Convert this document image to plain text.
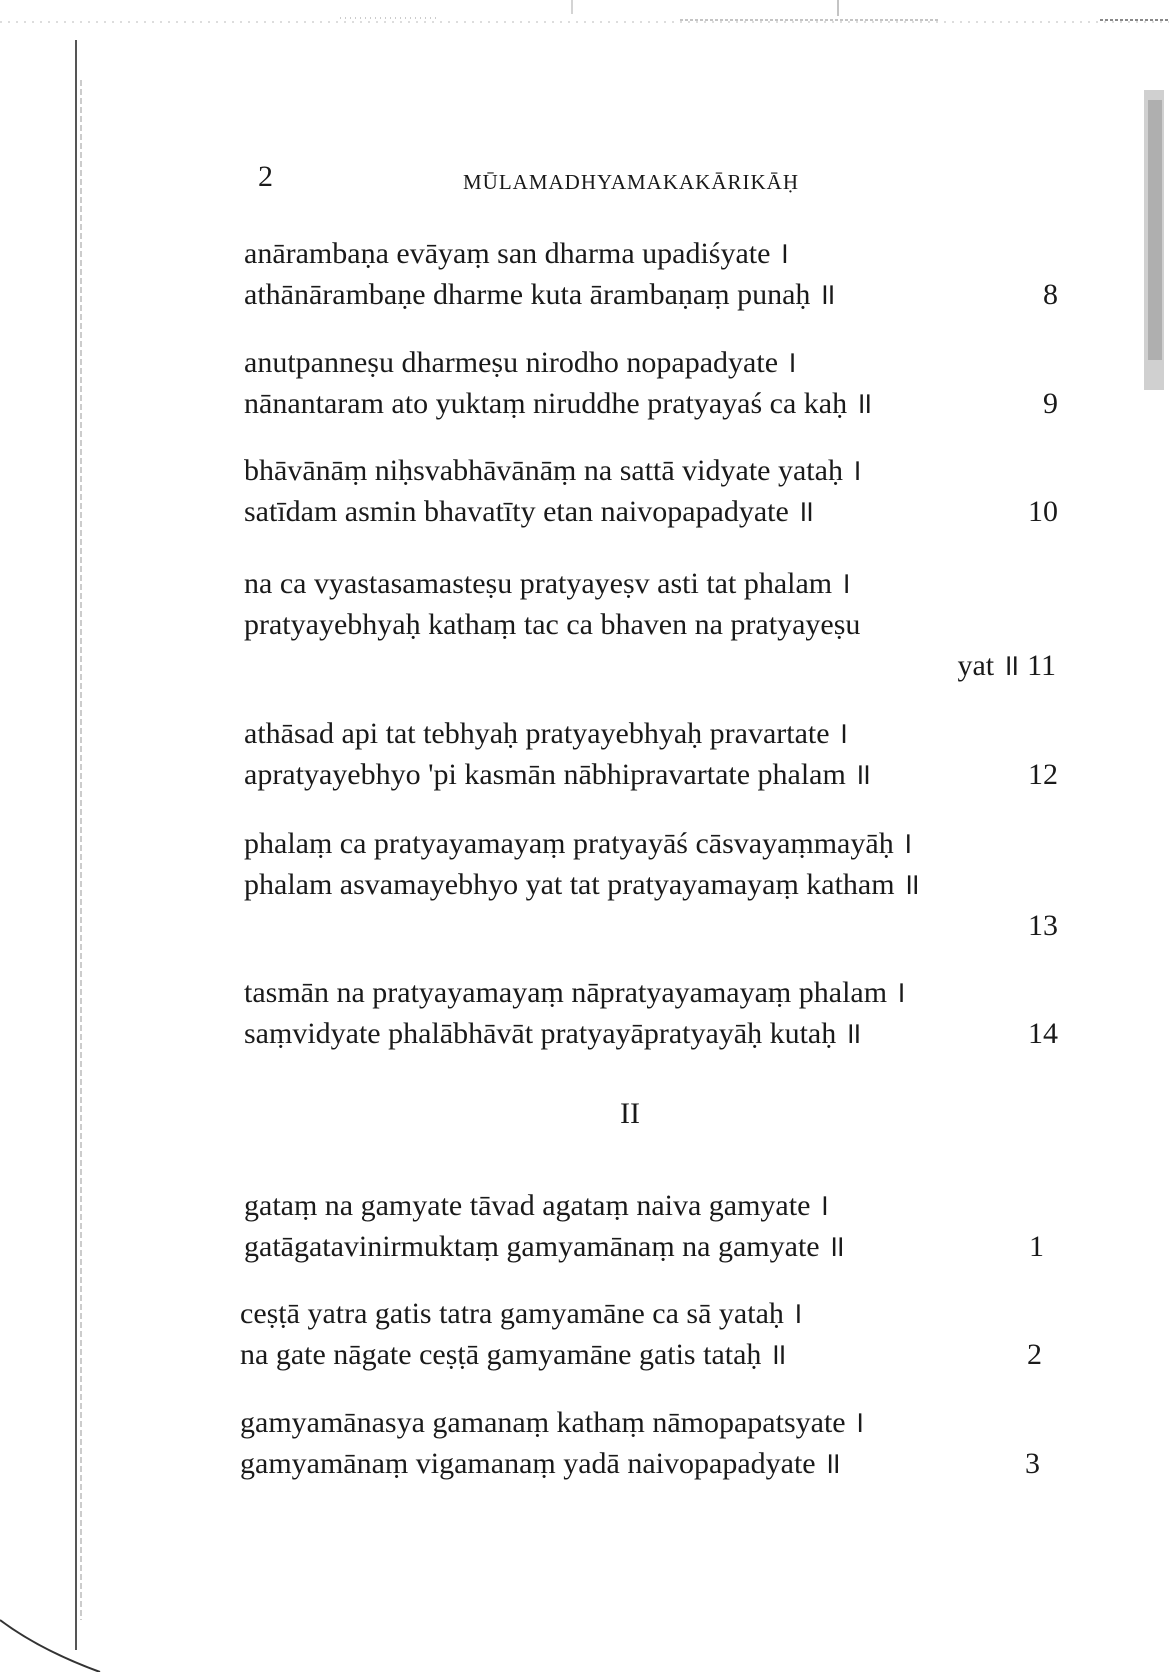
2	MŪLAMADHYAMAKAKĀRIKĀḤ
anārambaṇa evāyaṃ san dharma upadiśyate ।
athānārambaṇe dharme kuta ārambaṇaṃ punaḥ ॥	8
anutpanneṣu dharmeṣu nirodho nopapadyate ।
nānantaram ato yuktaṃ niruddhe pratyayaś ca kaḥ ॥	9
bhāvānāṃ niḥsvabhāvānāṃ na sattā vidyate yataḥ ।
satīdam asmin bhavatīty etan naivopapadyate ॥	10
na ca vyastasamasteṣu pratyayeṣv asti tat phalam ।
pratyayebhyaḥ kathaṃ tac ca bhaven na pratyayeṣu
yat ॥ 11
athāsad api tat tebhyaḥ pratyayebhyaḥ pravartate ।
apratyayebhyo 'pi kasmān nābhipravartate phalam ॥	12
phalaṃ ca pratyayamayaṃ pratyayāś cāsvayaṃmayāḥ ।
phalam asvamayebhyo yat tat pratyayamayaṃ katham ॥
13
tasmān na pratyayamayaṃ nāpratyayamayaṃ phalam ।
saṃvidyate phalābhāvāt pratyayāpratyayāḥ kutaḥ ॥	14
II
gataṃ na gamyate tāvad agataṃ naiva gamyate ।
gatāgatavinirmuktaṃ gamyamānaṃ na gamyate ॥	1
ceṣṭā yatra gatis tatra gamyamāne ca sā yataḥ ।
na gate nāgate ceṣṭā gamyamāne gatis tataḥ ॥	2
gamyamānasya gamanaṃ kathaṃ nāmopapatsyate ।
gamyamānaṃ vigamanaṃ yadā naivopapadyate ॥	3
